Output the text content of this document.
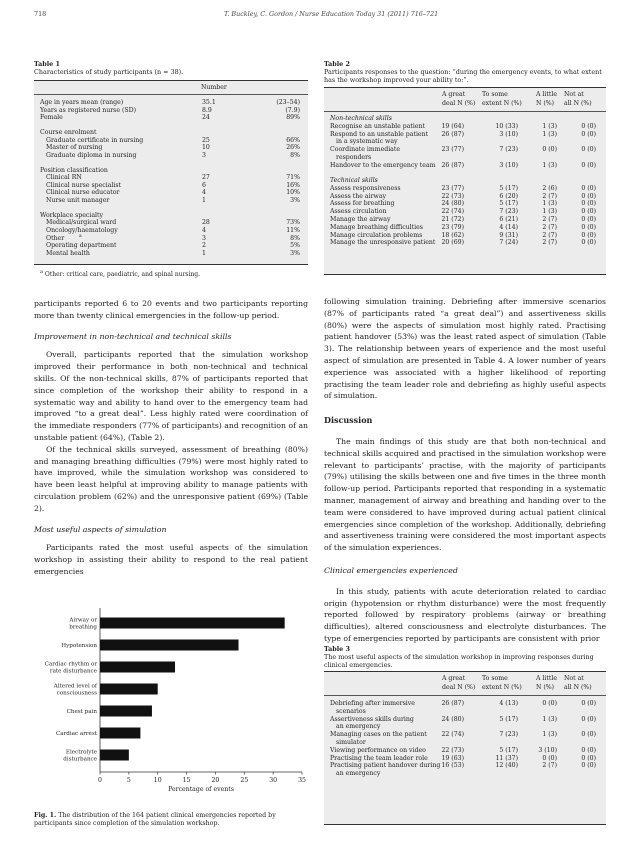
718	T. Buckley, C. Gordon / Nurse Education Today 31 (2011) 716–721
Table 1
Characteristics of study participants (n = 38).
Number
Age in years mean (range)	35.1	(23–54)
Years as registered nurse (SD)	8.9	(7.9)
Female	24	89%
Course enrolment
Graduate certificate in nursing	25	66%
Master of nursing	10	26%
Graduate diploma in nursing	3	8%
Position classification
Clinical RN	27	71%
Clinical nurse specialist	6	16%
Clinical nurse educator	4	10%
Nurse unit manager	1	3%
Workplace specialty
Medical/surgical ward	28	73%
Oncology/haematology	4	11%
Other	a	3	8%
Operating department	2	5%
Mental health	1	3%
$^a$ Other: critical care, paediatric, and spinal nursing.

participants reported 6 to 20 events and two participants reporting more than twenty clinical emergencies in the follow-up period.

Improvement in non-technical and technical skills

Overall, participants reported that the simulation workshop improved their performance in both non-technical and technical skills. Of the non-technical skills, 87% of participants reported that since completion of the workshop their ability to respond in a systematic way and ability to hand over to the emergency team had improved “to a great deal”. Less highly rated were coordination of the immediate responders (77% of participants) and recognition of an unstable patient (64%), (Table 2).

Of the technical skills surveyed, assessment of breathing (80%) and managing breathing difficulties (79%) were most highly rated to have improved, while the simulation workshop was considered to have been least helpful at improving ability to manage patients with circulation problem (62%) and the unresponsive patient (69%) (Table 2).

Most useful aspects of simulation

Participants rated the most useful aspects of the simulation workshop in assisting their ability to respond to the real patient emergencies

Airway or breathing
Hypotension
Cardiac rhythm or rate disturbance
Altered level of consciousness
Chest pain
Cardiac arrest
Electrolyte disturbance
0	5	10	15	20	25	30	35
Percentage of events
Fig. 1. The distribution of the 164 patient clinical emergencies reported by participants since completion of the simulation workshop.
Table 2
Participants responses to the question: “during the emergency events, to what extent has the workshop improved your ability to:”.
A great
deal N (%)
To some
extent N (%)
A little
N (%)
Not at
all N (%)
Non-technical skills
Recognise an unstable patient	19 (64)	10 (33)	1 (3)	0 (0)
Respond to an unstable patient 26 (87)	3 (10)	1 (3)	0 (0)
in a systematic way
Coordinate immediate	23 (77)	7 (23)	0 (0)	0 (0)
responders
Handover to the emergency team 26 (87)	3 (10)	1 (3)	0 (0)
Technical skills
Assess responsiveness	23 (77)	5 (17)	2 (6)	0 (0)
Assess the airway	22 (73)	6 (20)	2 (7)	0 (0)
Assess for breathing	24 (80)	5 (17)	1 (3)	0 (0)
Assess circulation	22 (74)	7 (23)	1 (3)	0 (0)
Manage the airway	21 (72)	6 (21)	2 (7)	0 (0)
Manage breathing difficulties	23 (79)	4 (14)	2 (7)	0 (0)
Manage circulation problems	18 (62)	9 (31)	2 (7)	0 (0)
Manage the unresponsive patient 20 (69)	7 (24)	2 (7)	0 (0)

following simulation training. Debriefing after immersive scenarios (87% of participants rated “a great deal”) and assertiveness skills (80%) were the aspects of simulation most highly rated. Practising patient handover (53%) was the least rated aspect of simulation (Table 3). The relationship between years of experience and the most useful aspect of simulation are presented in Table 4. A lower number of years experience was associated with a higher likelihood of reporting practising the team leader role and debriefing as highly useful aspects of simulation.

Discussion

The main findings of this study are that both non-technical and technical skills acquired and practised in the simulation workshop were relevant to participants’ practise, with the majority of participants (79%) utilising the skills between one and five times in the three month follow-up period. Participants reported that responding in a systematic manner, management of airway and breathing and handing over to the team were considered to have improved during actual patient clinical emergencies since completion of the workshop. Additionally, debriefing and assertiveness training were considered the most important aspects of the simulation experiences.

Clinical emergencies experienced

In this study, patients with acute deterioration related to cardiac origin (hypotension or rhythm disturbance) were the most frequently reported followed by respiratory problems (airway or breathing difficulties), altered consciousness and electrolyte disturbances. The type of emergencies reported by participants are consistent with prior

Table 3
The most useful aspects of the simulation workshop in improving responses during clinical emergencies.
A great
deal N (%)
To some
extent N (%)
A little
N (%)
Not at
all N (%)
Debriefing after immersive	26 (87)	4 (13)	0 (0)	0 (0)
scenarios
Assertiveness skills during	24 (80)	5 (17)	1 (3)	0 (0)
an emergency
Managing cases on the patient 22 (74)	7 (23)	1 (3)	0 (0)
simulator
Viewing performance on video	22 (73)	5 (17)	3 (10)	0 (0)
Practising the team leader role 19 (63)	11 (37)	0 (0)	0 (0)
Practising patient handover during 16 (53)	12 (40)	2 (7)	0 (0)
an emergency
